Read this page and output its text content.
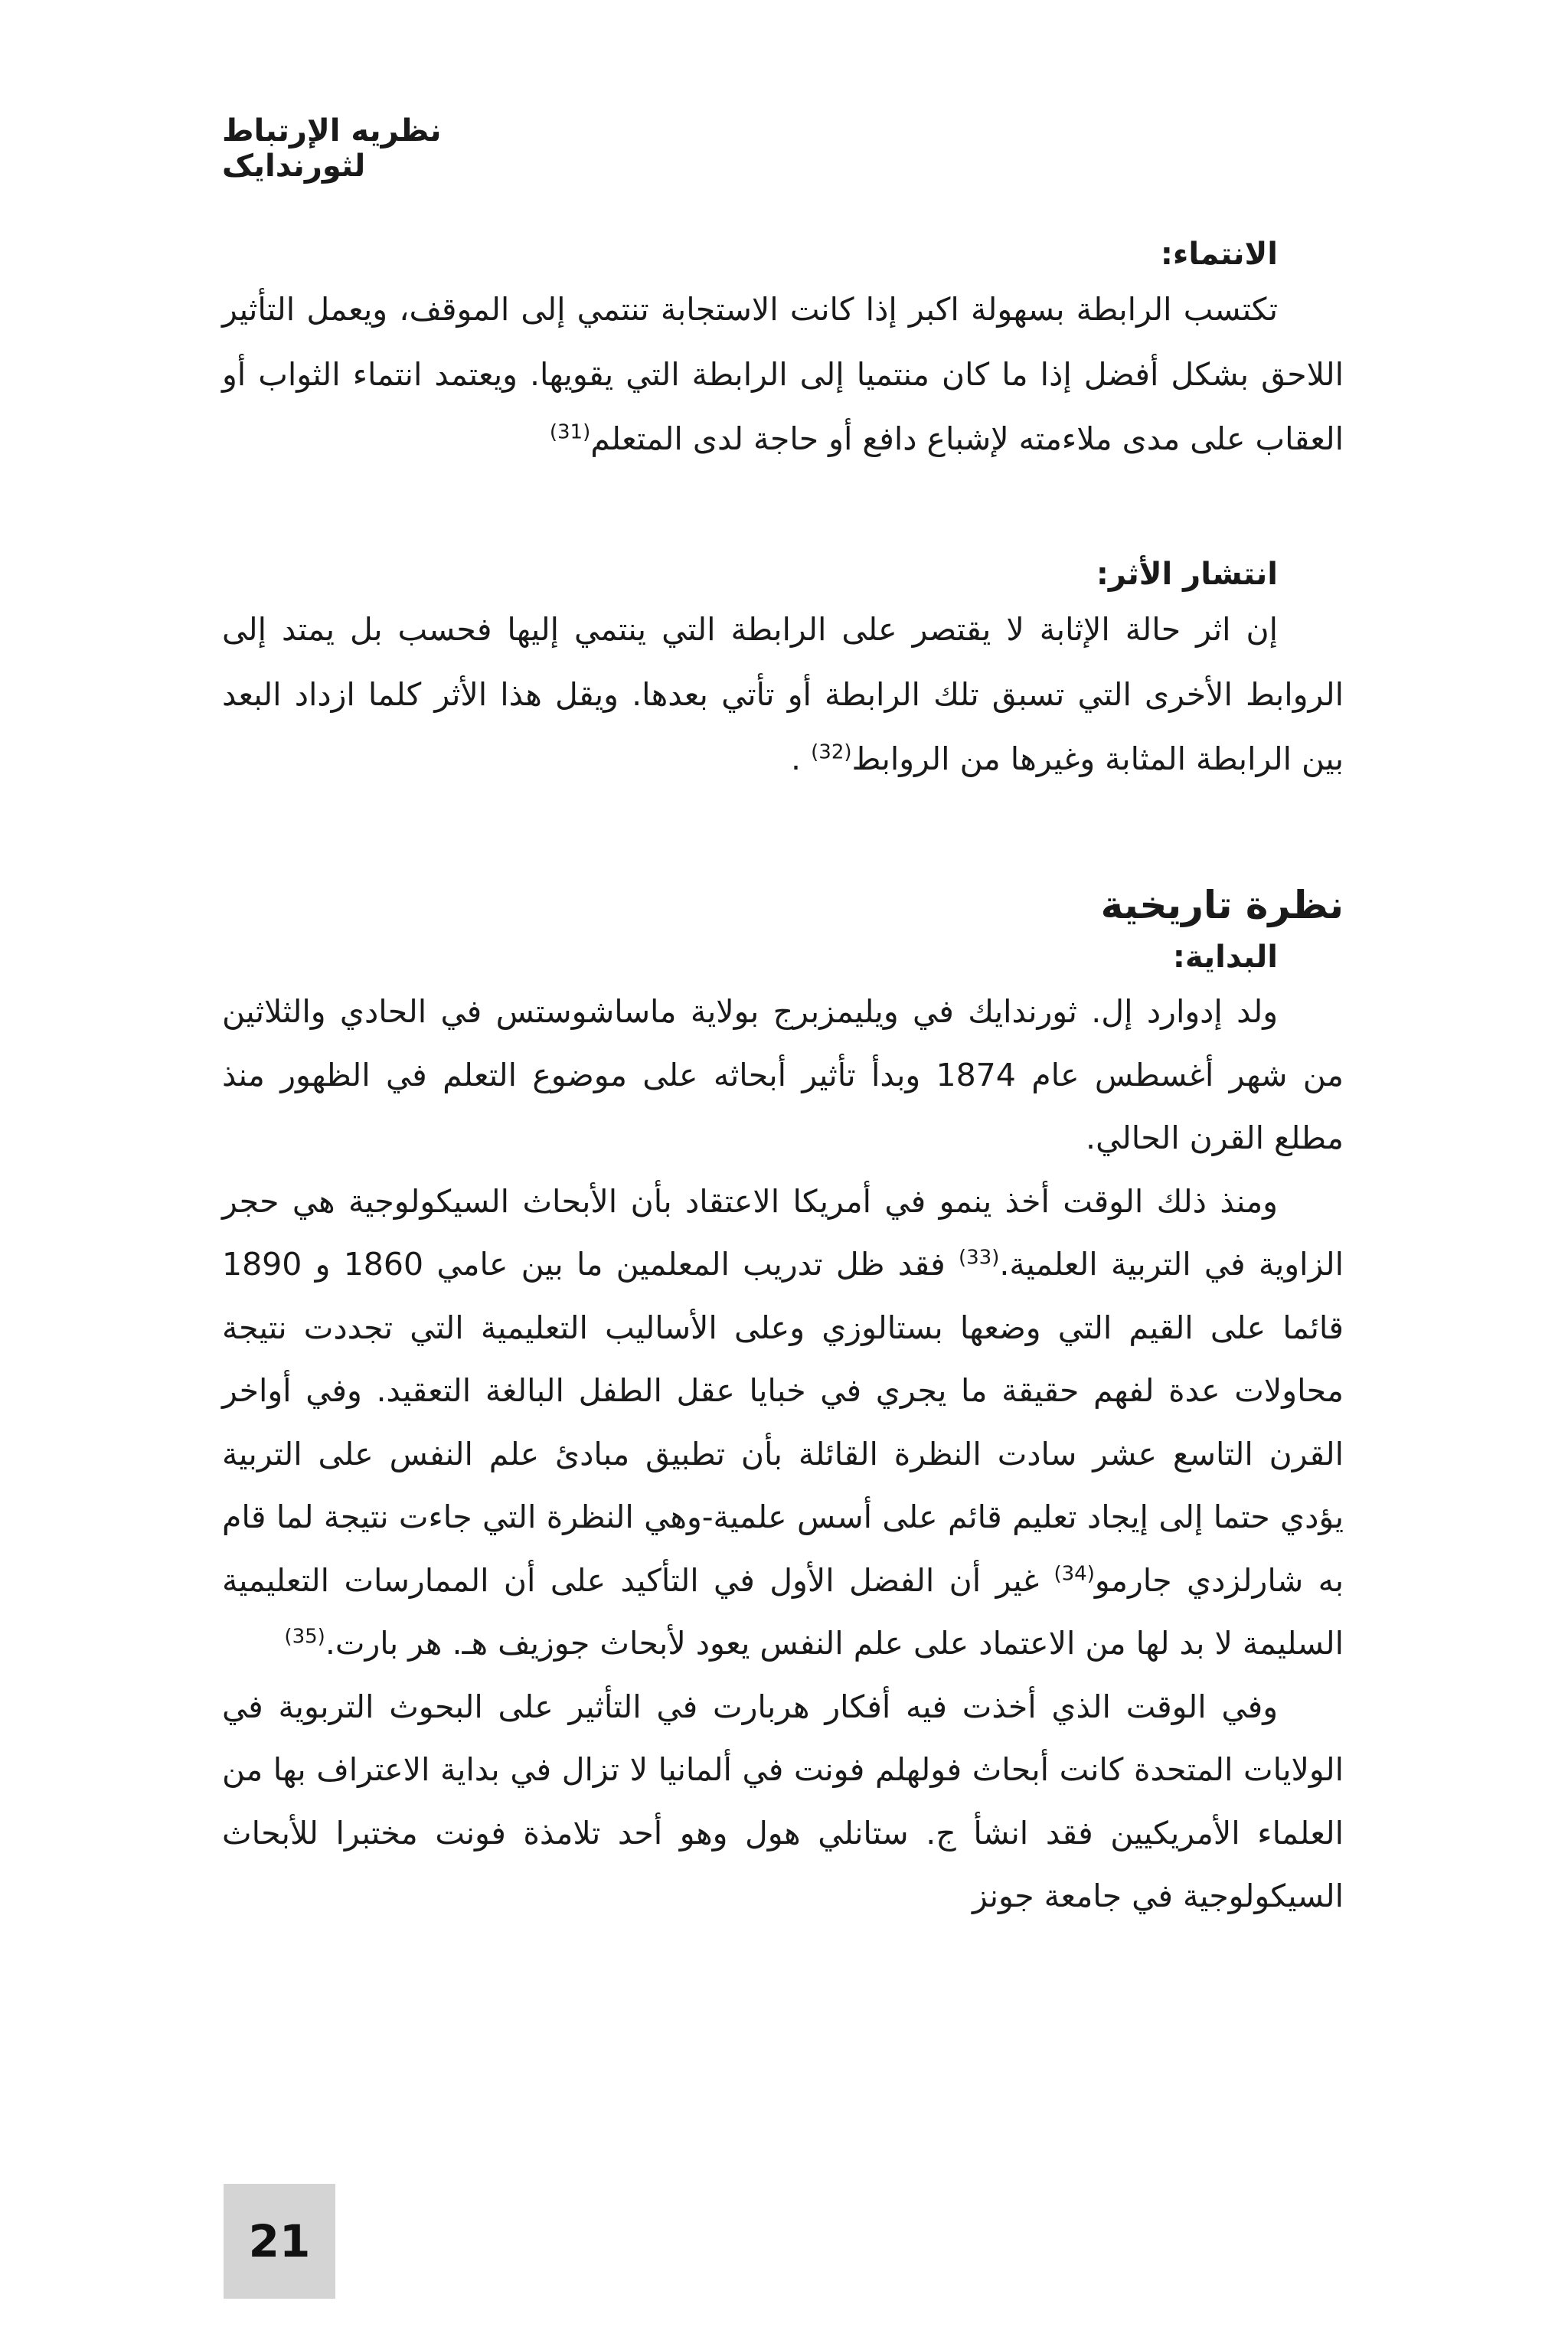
نظريه الإرتباط لثورندايک

الانتماء:

تكتسب الرابطة بسهولة اكبر إذا كانت الاستجابة تنتمي إلى الموقف، ويعمل التأثير اللاحق بشكل أفضل إذا ما كان منتميا إلى الرابطة التي يقويها. ويعتمد انتماء الثواب أو العقاب على مدى ملاءمته لإشباع دافع أو حاجة لدى المتعلم$^{(31)}$

انتشار الأثر:

إن اثر حالة الإثابة لا يقتصر على الرابطة التي ينتمي إليها فحسب بل يمتد إلى الروابط الأخرى التي تسبق تلك الرابطة أو تأتي بعدها. ويقل هذا الأثر كلما ازداد البعد بين الرابطة المثابة وغيرها من الروابط$^{(32)}$ .

نظرة تاريخية

البداية:

ولد إدوارد إل. ثورندايك في ويليمزبرج بولاية ماساشوستس في الحادي والثلاثين من شهر أغسطس عام 1874 وبدأ تأثير أبحاثه على موضوع التعلم في الظهور منذ مطلع القرن الحالي.

ومنذ ذلك الوقت أخذ ينمو في أمريكا الاعتقاد بأن الأبحاث السيكولوجية هي حجر الزاوية في التربية العلمية.$^{(33)}$ فقد ظل تدريب المعلمين ما بين عامي 1860 و 1890 قائما على القيم التي وضعها بستالوزي وعلى الأساليب التعليمية التي تجددت نتيجة محاولات عدة لفهم حقيقة ما يجري في خبايا عقل الطفل البالغة التعقيد. وفي أواخر القرن التاسع عشر سادت النظرة القائلة بأن تطبيق مبادئ علم النفس على التربية يؤدي حتما إلى إيجاد تعليم قائم على أسس علمية-وهي النظرة التي جاءت نتيجة لما قام به شارلزدي جارمو$^{(34)}$ غير أن الفضل الأول في التأكيد على أن الممارسات التعليمية السليمة لا بد لها من الاعتماد على علم النفس يعود لأبحاث جوزيف هـ. هر بارت.$^{(35)}$

وفي الوقت الذي أخذت فيه أفكار هربارت في التأثير على البحوث التربوية في الولايات المتحدة كانت أبحاث فولهلم فونت في ألمانيا لا تزال في بداية الاعتراف بها من العلماء الأمريكيين فقد انشأ ج. ستانلي هول وهو أحد تلامذة فونت مختبرا للأبحاث السيكولوجية في جامعة جونز

21
